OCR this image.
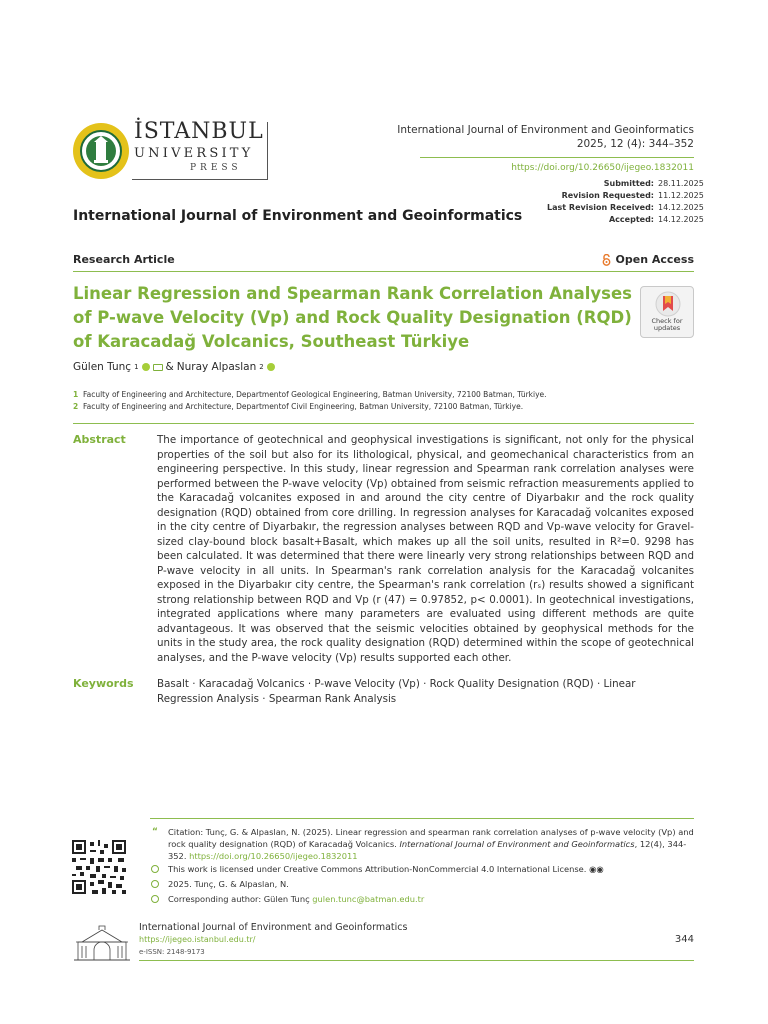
İSTANBUL
UNIVERSITY
PRESS
International Journal of Environment and Geoinformatics
2025, 12 (4): 344–352
https://doi.org/10.26650/ijegeo.1832011
Submitted: 28.11.2025
Revision Requested: 11.12.2025
Last Revision Received: 14.12.2025
Accepted: 14.12.2025
International Journal of Environment and Geoinformatics
Research Article	Open Access
Linear Regression and Spearman Rank Correlation Analyses of P-wave Velocity (Vp) and Rock Quality Designation (RQD) of Karacadağ Volcanics, Southeast Türkiye
Check for updates
Gülen Tunç 1	& Nuray Alpaslan 2
1 Faculty of Engineering and Architecture, Departmentof Geological Engineering, Batman University, 72100 Batman, Türkiye.
2 Faculty of Engineering and Architecture, Departmentof Civil Engineering, Batman University, 72100 Batman, Türkiye.
Abstract	The importance of geotechnical and geophysical investigations is significant, not only for the physical properties of the soil but also for its lithological, physical, and geomechanical characteristics from an engineering perspective. In this study, linear regression and Spearman rank correlation analyses were performed between the P-wave velocity (Vp) obtained from seismic refraction measurements applied to the Karacadağ volcanites exposed in and around the city centre of Diyarbakır and the rock quality designation (RQD) obtained from core drilling. In regression analyses for Karacadağ volcanites exposed in the city centre of Diyarbakır, the regression analyses between RQD and Vp-wave velocity for Gravel-sized clay-bound block basalt+Basalt, which makes up all the soil units, resulted in R²=0. 9298 has been calculated. It was determined that there were linearly very strong relationships between RQD and P-wave velocity in all units. In Spearman's rank correlation analysis for the Karacadağ volcanites exposed in the Diyarbakır city centre, the Spearman's rank correlation (rₛ) results showed a significant strong relationship between RQD and Vp (r (47) = 0.97852, p< 0.0001). In geotechnical investigations, integrated applications where many parameters are evaluated using different methods are quite advantageous. It was observed that the seismic velocities obtained by geophysical methods for the units in the study area, the rock quality designation (RQD) determined within the scope of geotechnical analyses, and the P-wave velocity (Vp) results supported each other.
Keywords Basalt · Karacadağ Volcanics · P-wave Velocity (Vp) · Rock Quality Designation (RQD) · Linear Regression Analysis · Spearman Rank Analysis
“ Citation: Tunç, G. & Alpaslan, N. (2025). Linear regression and spearman rank correlation analyses of p-wave velocity (Vp) and rock quality designation (RQD) of Karacadağ Volcanics. International Journal of Environment and Geoinformatics, 12(4), 344-352. https://doi.org/10.26650/ijegeo.1832011
This work is licensed under Creative Commons Attribution-NonCommercial 4.0 International License. ◉◉
2025. Tunç, G. & Alpaslan, N.
Corresponding author: Gülen Tunç gulen.tunc@batman.edu.tr
International Journal of Environment and Geoinformatics
https://ijegeo.istanbul.edu.tr/
e-ISSN: 2148-9173
344
